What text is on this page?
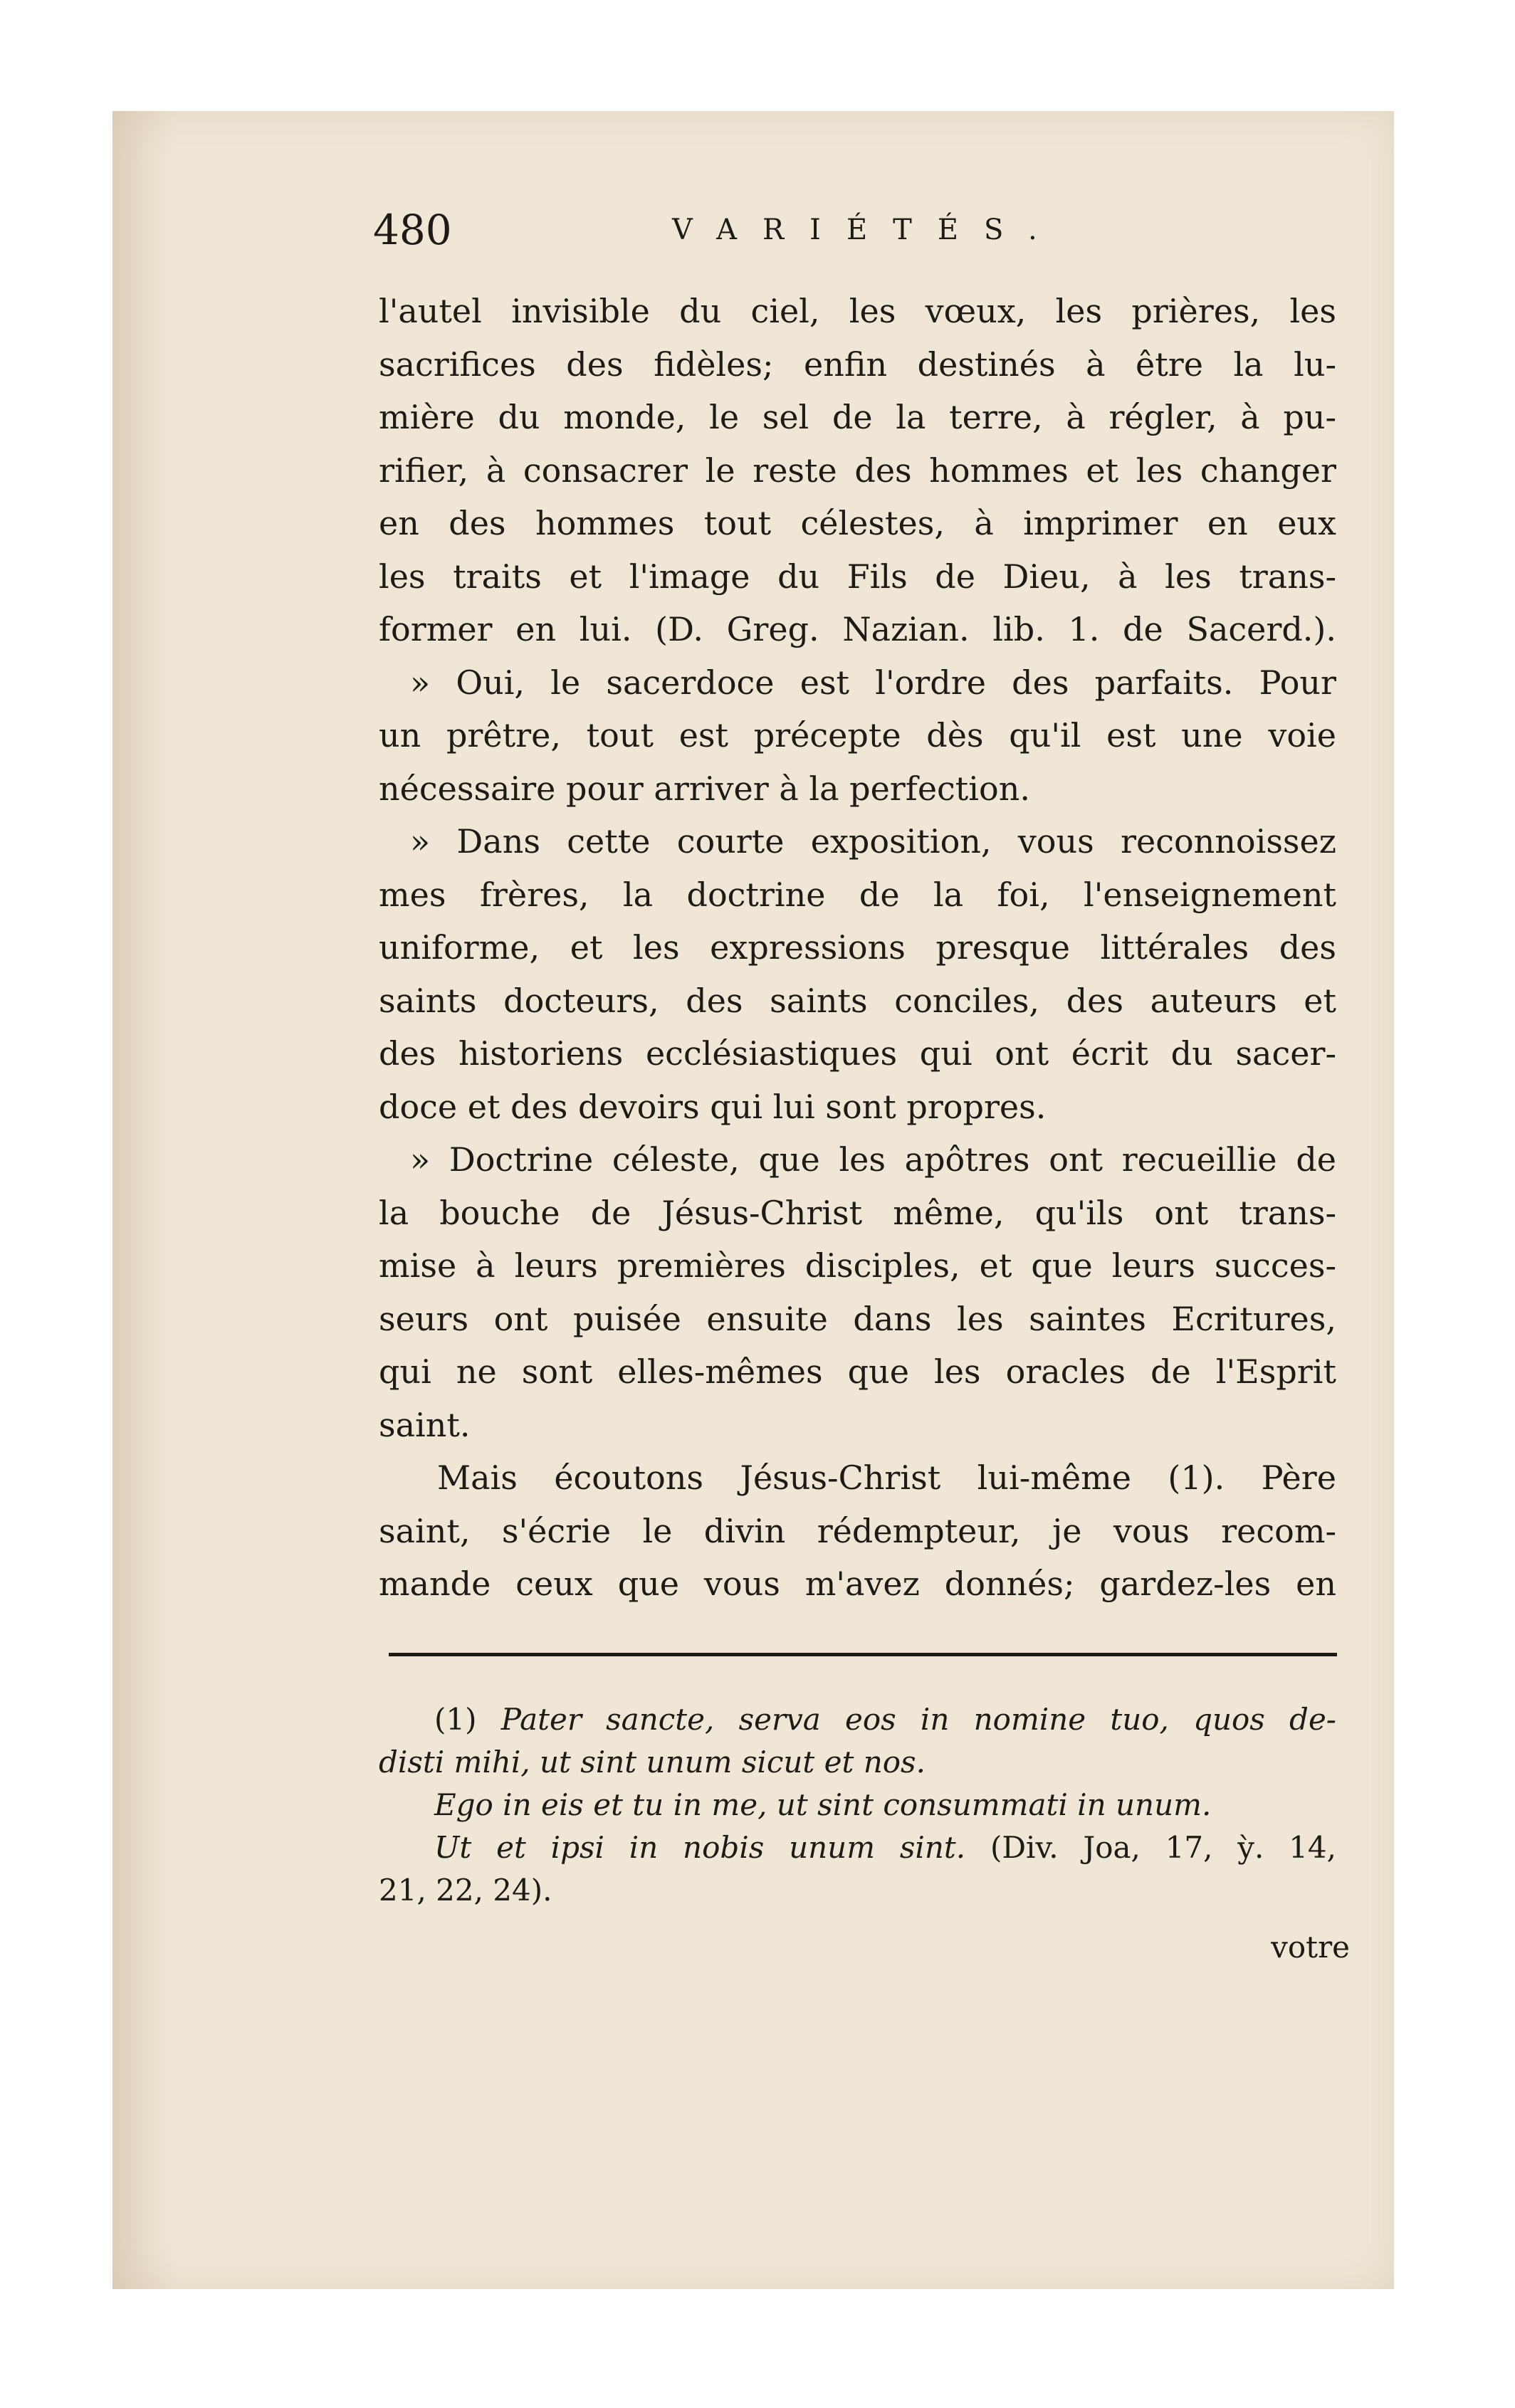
480	VARIÉTÉS.

l'autel invisible du ciel, les vœux, les prières, les
sacrifices des fidèles; enfin destinés à être la lu-
mière du monde, le sel de la terre, à régler, à pu-
rifier, à consacrer le reste des hommes et les changer
en des hommes tout célestes, à imprimer en eux
les traits et l'image du Fils de Dieu, à les trans-
former en lui. (D. Greg. Nazian. lib. 1. de Sacerd.).
» Oui, le sacerdoce est l'ordre des parfaits. Pour
un prêtre, tout est précepte dès qu'il est une voie
nécessaire pour arriver à la perfection.
» Dans cette courte exposition, vous reconnoissez
mes frères, la doctrine de la foi, l'enseignement
uniforme, et les expressions presque littérales des
saints docteurs, des saints conciles, des auteurs et
des historiens ecclésiastiques qui ont écrit du sacer-
doce et des devoirs qui lui sont propres.
» Doctrine céleste, que les apôtres ont recueillie de
la bouche de Jésus-Christ même, qu'ils ont trans-
mise à leurs premières disciples, et que leurs succes-
seurs ont puisée ensuite dans les saintes Ecritures,
qui ne sont elles-mêmes que les oracles de l'Esprit
saint.
Mais écoutons Jésus-Christ lui-même (1). Père
saint, s'écrie le divin rédempteur, je vous recom-
mande ceux que vous m'avez donnés; gardez-les en
(1) Pater sancte, serva eos in nomine tuo, quos de-
disti mihi, ut sint unum sicut et nos.
Ego in eis et tu in me, ut sint consummati in unum.
Ut et ipsi in nobis unum sint. (Div. Joa, 17, ỳ. 14,
21, 22, 24).

votre
